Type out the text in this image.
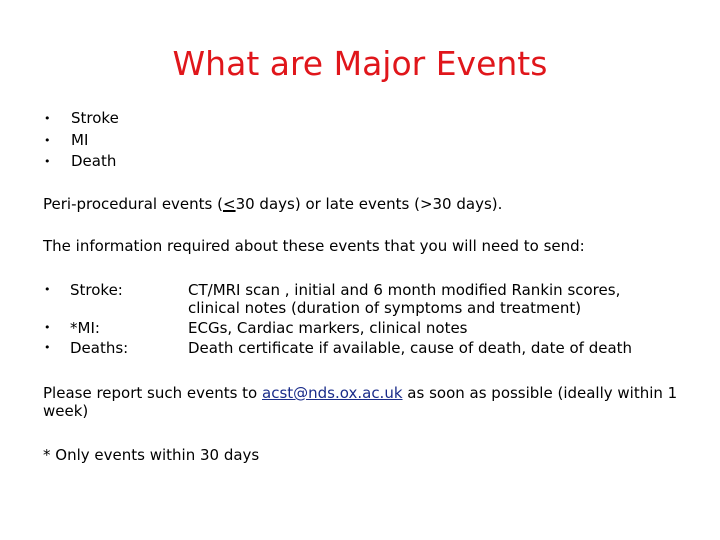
What are Major Events
• Stroke
• MI
• Death

Peri-procedural events (<30 days) or late events (>30 days).

The information required about these events that you will need to send:

• Stroke:	CT/MRI scan , initial and 6 month modified Rankin scores, clinical notes (duration of symptoms and treatment)
• *MI:	ECGs, Cardiac markers, clinical notes
• Deaths:	Death certificate if available, cause of death, date of death

Please report such events to acst@nds.ox.ac.uk as soon as possible (ideally within 1 week)

* Only events within 30 days
